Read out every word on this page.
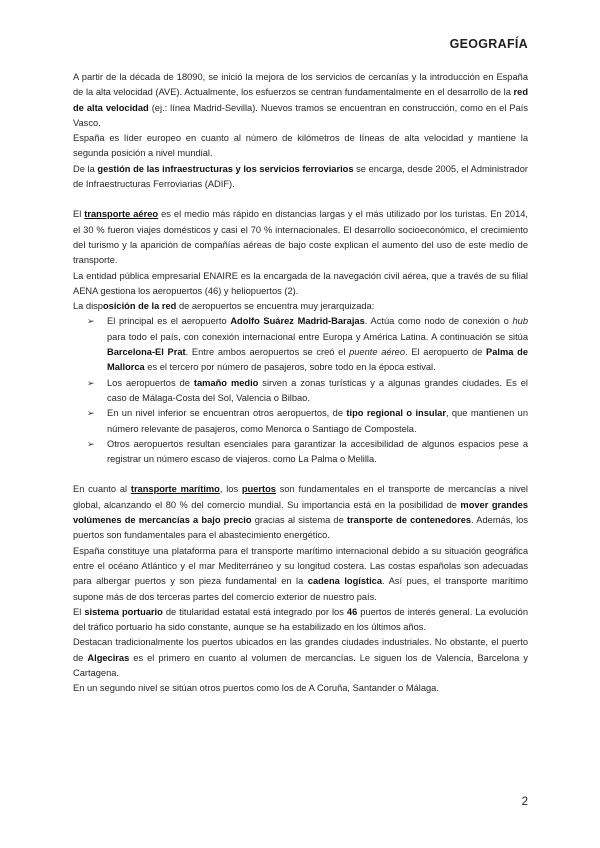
GEOGRAFÍA

A partir de la década de 18090, se inició la mejora de los servicios de cercanías y la introducción en España de la alta velocidad (AVE). Actualmente, los esfuerzos se centran fundamentalmente en el desarrollo de la red de alta velocidad (ej.: línea Madrid-Sevilla). Nuevos tramos se encuentran en construcción, como en el País Vasco.

España es líder europeo en cuanto al número de kilómetros de líneas de alta velocidad y mantiene la segunda posición a nivel mundial.

De la gestión de las infraestructuras y los servicios ferroviarios se encarga, desde 2005, el Administrador de Infraestructuras Ferroviarias (ADIF).

El transporte aéreo es el medio más rápido en distancias largas y el más utilizado por los turistas. En 2014, el 30 % fueron viajes domésticos y casi el 70 % internacionales. El desarrollo socioeconómico, el crecimiento del turismo y la aparición de compañías aéreas de bajo coste explican el aumento del uso de este medio de transporte.

La entidad pública empresarial ENAIRE es la encargada de la navegación civil aérea, que a través de su filial AENA gestiona los aeropuertos (46) y heliopuertos (2).

La disposición de la red de aeropuertos se encuentra muy jerarquizada:

➢ El principal es el aeropuerto Adolfo Suárez Madrid-Barajas. Actúa como nodo de conexión o hub para todo el país, con conexión internacional entre Europa y América Latina. A continuación se sitúa Barcelona-El Prat. Entre ambos aeropuertos se creó el puente aéreo. El aeropuerto de Palma de Mallorca es el tercero por número de pasajeros, sobre todo en la época estival.
➢ Los aeropuertos de tamaño medio sirven a zonas turísticas y a algunas grandes ciudades. Es el caso de Málaga-Costa del Sol, Valencia o Bilbao.
➢ En un nivel inferior se encuentran otros aeropuertos, de tipo regional o insular, que mantienen un número relevante de pasajeros, como Menorca o Santiago de Compostela.
➢ Otros aeropuertos resultan esenciales para garantizar la accesibilidad de algunos espacios pese a registrar un número escaso de viajeros. como La Palma o Melilla.

En cuanto al transporte marítimo, los puertos son fundamentales en el transporte de mercancías a nivel global, alcanzando el 80 % del comercio mundial. Su importancia está en la posibilidad de mover grandes volúmenes de mercancías a bajo precio gracias al sistema de transporte de contenedores. Además, los puertos son fundamentales para el abastecimiento energético.

España constituye una plataforma para el transporte marítimo internacional debido a su situación geográfica entre el océano Atlántico y el mar Mediterráneo y su longitud costera. Las costas españolas son adecuadas para albergar puertos y son pieza fundamental en la cadena logística. Así pues, el transporte marítimo supone más de dos terceras partes del comercio exterior de nuestro país.

El sistema portuario de titularidad estatal está integrado por los 46 puertos de interés general. La evolución del tráfico portuario ha sido constante, aunque se ha estabilizado en los últimos años.

Destacan tradicionalmente los puertos ubicados en las grandes ciudades industriales. No obstante, el puerto de Algeciras es el primero en cuanto al volumen de mercancías. Le siguen los de Valencia, Barcelona y Cartagena.

En un segundo nivel se sitúan otros puertos como los de A Coruña, Santander o Málaga.

2
